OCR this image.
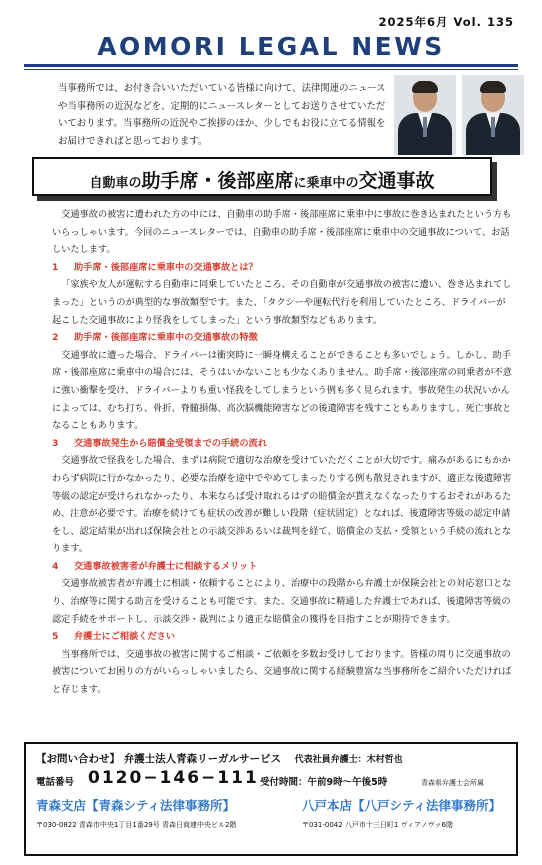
2025年6月 Vol. 135
AOMORI LEGAL NEWS
当事務所では、お付き合いいただいている皆様に向けて、法律関連のニュースや当事務所の近況などを、定期的にニュースレターとしてお送りさせていただいております。当事務所の近況やご挨拶のほか、少しでもお役に立てる情報をお届けできればと思っております。
自動車の 助手席・後部座席 に乗車中の 交通事故

交通事故の被害に遭われた方の中には、自動車の助手席・後部座席に乗車中に事故に巻き込まれたという方もいらっしゃいます。今回のニュースレターでは、自動車の助手席・後部座席に乗車中の交通事故について、お話しいたします。

1 助手席・後部座席に乗車中の交通事故とは？

「家族や友人が運転する自動車に同乗していたところ、その自動車が交通事故の被害に遭い、巻き込まれてしまった」というのが典型的な事故類型です。また、「タクシーや運転代行を利用していたところ、ドライバーが起こした交通事故により怪我をしてしまった」という事故類型などもあります。

2 助手席・後部座席に乗車中の交通事故の特徴

交通事故に遭った場合、ドライバーは衝突時に一瞬身構えることができることも多いでしょう。しかし、助手席・後部座席に乗車中の場合には、そうはいかないことも少なくありません。助手席・後部座席の同乗者が不意に強い衝撃を受け、ドライバーよりも重い怪我をしてしまうという例も多く見られます。事故発生の状況いかんによっては、むち打ち、骨折、脊髄損傷、高次脳機能障害などの後遺障害を残すこともありますし、死亡事故となることもあります。

3 交通事故発生から賠償金受領までの手続の流れ

交通事故で怪我をした場合、まずは病院で適切な治療を受けていただくことが大切です。痛みがあるにもかかわらず病院に行かなかったり、必要な治療を途中でやめてしまったりする例も散見されますが、適正な後遺障害等級の認定が受けられなかったり、本来ならば受け取れるはずの賠償金が貰えなくなったりするおそれがあるため、注意が必要です。治療を続けても症状の改善が難しい段階（症状固定）となれば、後遺障害等級の認定申請をし、認定結果が出れば保険会社との示談交渉あるいは裁判を経て、賠償金の支払・受領という手続の流れとなります。

4 交通事故被害者が弁護士に相談するメリット

交通事故被害者が弁護士に相談・依頼することにより、治療中の段階から弁護士が保険会社との対応窓口となり、治療等に関する助言を受けることも可能です。また、交通事故に精通した弁護士であれば、後遺障害等級の認定手続をサポートし、示談交渉・裁判により適正な賠償金の獲得を目指すことが期待できます。

5 弁護士にご相談ください

当事務所では、交通事故の被害に関するご相談・ご依頼を多数お受けしております。皆様の周りに交通事故の被害についてお困りの方がいらっしゃいましたら、交通事故に関する経験豊富な当事務所をご紹介いただければと存じます。

【お問い合わせ】 弁護士法人青森リーガルサービス 代表社員弁護士：木村哲也
電話番号 0120−146−111 受付時間：午前9時〜午後5時	青森県弁護士会所属
青森支店【青森シティ法律事務所】	八戸本店【八戸シティ法律事務所】
〒030-0822 青森市中央1丁目1番29号 青森日商連中央ビル2階	〒031-0042 八戸市十三日町1 ヴィアノヴァ6階
